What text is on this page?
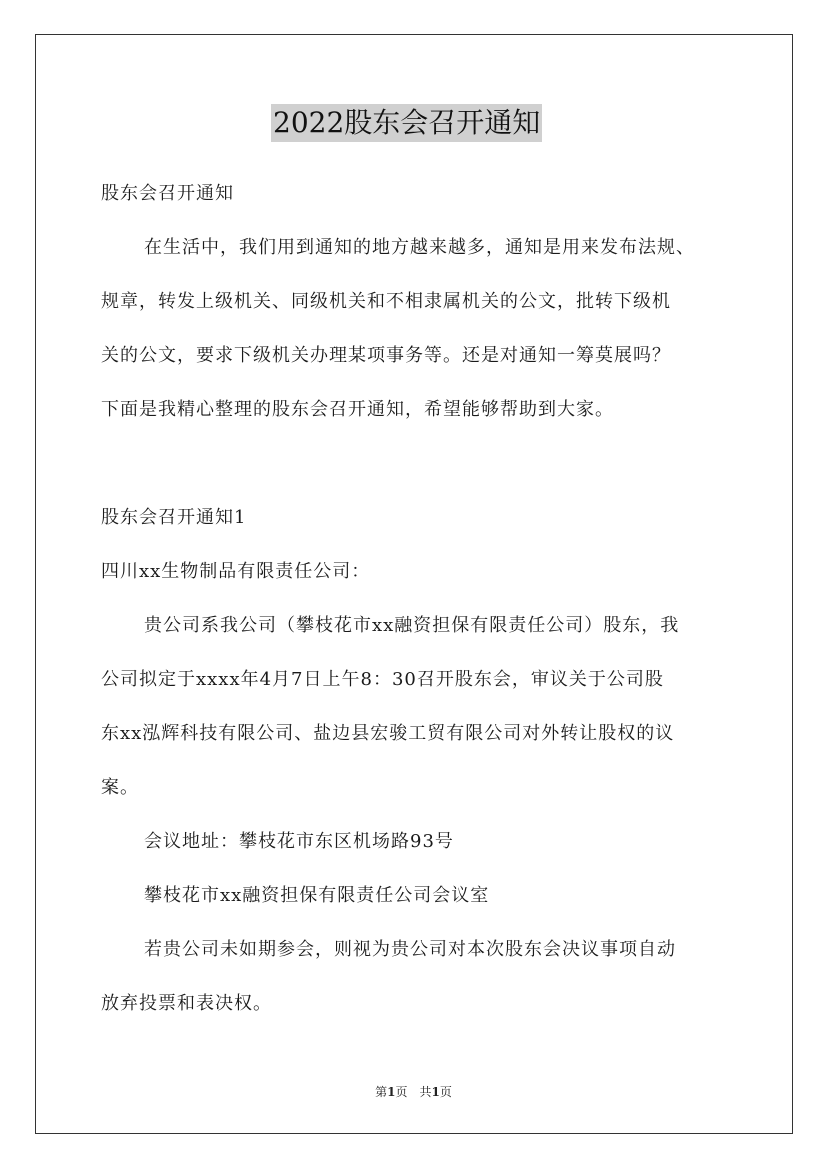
2022股东会召开通知
股东会召开通知
在生活中，我们用到通知的地方越来越多，通知是用来发布法规、
规章，转发上级机关、同级机关和不相隶属机关的公文，批转下级机
关的公文，要求下级机关办理某项事务等。还是对通知一筹莫展吗？
下面是我精心整理的股东会召开通知，希望能够帮助到大家。
股东会召开通知1
四川xx生物制品有限责任公司：
贵公司系我公司（攀枝花市xx融资担保有限责任公司）股东，我
公司拟定于xxxx年4月7日上午8：30召开股东会，审议关于公司股
东xx泓辉科技有限公司、盐边县宏骏工贸有限公司对外转让股权的议
案。
会议地址：攀枝花市东区机场路93号
攀枝花市xx融资担保有限责任公司会议室
若贵公司未如期参会，则视为贵公司对本次股东会决议事项自动
放弃投票和表决权。
第1页　共1页
